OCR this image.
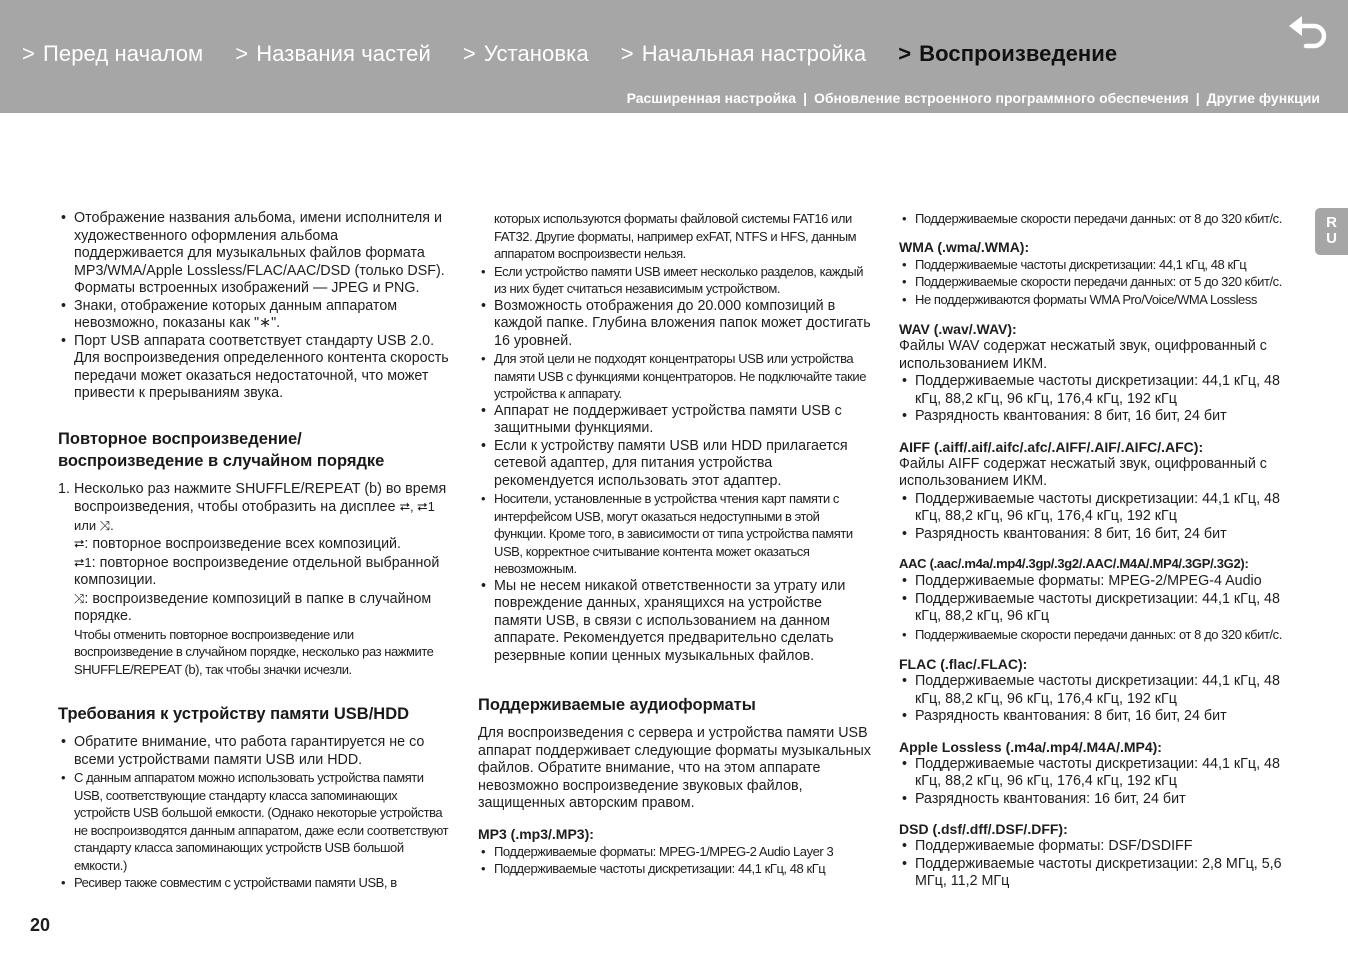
> Перед началом > Названия частей > Установка > Начальная настройка > Воспроизведение
Расширенная настройка | Обновление встроенного программного обеспечения | Другие функции
R
U
• Отображение названия альбома, имени исполнителя и художественного оформления альбома поддерживается для музыкальных файлов формата MP3/WMA/Apple Lossless/FLAC/AAC/DSD (только DSF). Форматы встроенных изображений — JPEG и PNG.
• Знаки, отображение которых данным аппаратом невозможно, показаны как "∗".
• Порт USB аппарата соответствует стандарту USB 2.0. Для воспроизведения определенного контента скорость передачи может оказаться недостаточной, что может привести к прерываниям звука.
Повторное воспроизведение/ воспроизведение в случайном порядке
1. Несколько раз нажмите SHUFFLE/REPEAT (b) во время воспроизведения, чтобы отобразить на дисплее ⮂, ⮂1 или ⤨.
⮂: повторное воспроизведение всех композиций.
⮂1: повторное воспроизведение отдельной выбранной композиции.
⤨: воспроизведение композиций в папке в случайном порядке.
Чтобы отменить повторное воспроизведение или воспроизведение в случайном порядке, несколько раз нажмите SHUFFLE/REPEAT (b), так чтобы значки исчезли.
Требования к устройству памяти USB/HDD
• Обратите внимание, что работа гарантируется не со всеми устройствами памяти USB или HDD.
• С данным аппаратом можно использовать устройства памяти USB, соответствующие стандарту класса запоминающих устройств USB большой емкости. (Однако некоторые устройства не воспроизводятся данным аппаратом, даже если соответствуют стандарту класса запоминающих устройств USB большой емкости.)
• Ресивер также совместим с устройствами памяти USB, в
которых используются форматы файловой системы FAT16 или FAT32. Другие форматы, например exFAT, NTFS и HFS, данным аппаратом воспроизвести нельзя.
• Если устройство памяти USB имеет несколько разделов, каждый из них будет считаться независимым устройством.
• Возможность отображения до 20.000 композиций в каждой папке. Глубина вложения папок может достигать 16 уровней.
• Для этой цели не подходят концентраторы USB или устройства памяти USB с функциями концентраторов. Не подключайте такие устройства к аппарату.
• Аппарат не поддерживает устройства памяти USB с защитными функциями.
• Если к устройству памяти USB или HDD прилагается сетевой адаптер, для питания устройства рекомендуется использовать этот адаптер.
• Носители, установленные в устройства чтения карт памяти с интерфейсом USB, могут оказаться недоступными в этой функции. Кроме того, в зависимости от типа устройства памяти USB, корректное считывание контента может оказаться невозможным.
• Мы не несем никакой ответственности за утрату или повреждение данных, хранящихся на устройстве памяти USB, в связи с использованием на данном аппарате. Рекомендуется предварительно сделать резервные копии ценных музыкальных файлов.
Поддерживаемые аудиоформаты
Для воспроизведения с сервера и устройства памяти USB аппарат поддерживает следующие форматы музыкальных файлов. Обратите внимание, что на этом аппарате невозможно воспроизведение звуковых файлов, защищенных авторским правом.
MP3 (.mp3/.MP3):
• Поддерживаемые форматы: MPEG-1/MPEG-2 Audio Layer 3
• Поддерживаемые частоты дискретизации: 44,1 кГц, 48 кГц
• Поддерживаемые скорости передачи данных: от 8 до 320 кбит/с.
WMA (.wma/.WMA):
• Поддерживаемые частоты дискретизации: 44,1 кГц, 48 кГц
• Поддерживаемые скорости передачи данных: от 5 до 320 кбит/с.
• Не поддерживаются форматы WMA Pro/Voice/WMA Lossless
WAV (.wav/.WAV):
Файлы WAV содержат несжатый звук, оцифрованный с использованием ИКМ.
• Поддерживаемые частоты дискретизации: 44,1 кГц, 48 кГц, 88,2 кГц, 96 кГц, 176,4 кГц, 192 кГц
• Разрядность квантования: 8 бит, 16 бит, 24 бит
AIFF (.aiff/.aif/.aifc/.afc/.AIFF/.AIF/.AIFC/.AFC):
Файлы AIFF содержат несжатый звук, оцифрованный с использованием ИКМ.
• Поддерживаемые частоты дискретизации: 44,1 кГц, 48 кГц, 88,2 кГц, 96 кГц, 176,4 кГц, 192 кГц
• Разрядность квантования: 8 бит, 16 бит, 24 бит
AAC (.aac/.m4a/.mp4/.3gp/.3g2/.AAC/.M4A/.MP4/.3GP/.3G2):
• Поддерживаемые форматы: MPEG-2/MPEG-4 Audio
• Поддерживаемые частоты дискретизации: 44,1 кГц, 48 кГц, 88,2 кГц, 96 кГц
• Поддерживаемые скорости передачи данных: от 8 до 320 кбит/с.
FLAC (.flac/.FLAC):
• Поддерживаемые частоты дискретизации: 44,1 кГц, 48 кГц, 88,2 кГц, 96 кГц, 176,4 кГц, 192 кГц
• Разрядность квантования: 8 бит, 16 бит, 24 бит
Apple Lossless (.m4a/.mp4/.M4A/.MP4):
• Поддерживаемые частоты дискретизации: 44,1 кГц, 48 кГц, 88,2 кГц, 96 кГц, 176,4 кГц, 192 кГц
• Разрядность квантования: 16 бит, 24 бит
DSD (.dsf/.dff/.DSF/.DFF):
• Поддерживаемые форматы: DSF/DSDIFF
• Поддерживаемые частоты дискретизации: 2,8 МГц, 5,6 МГц, 11,2 МГц
20
